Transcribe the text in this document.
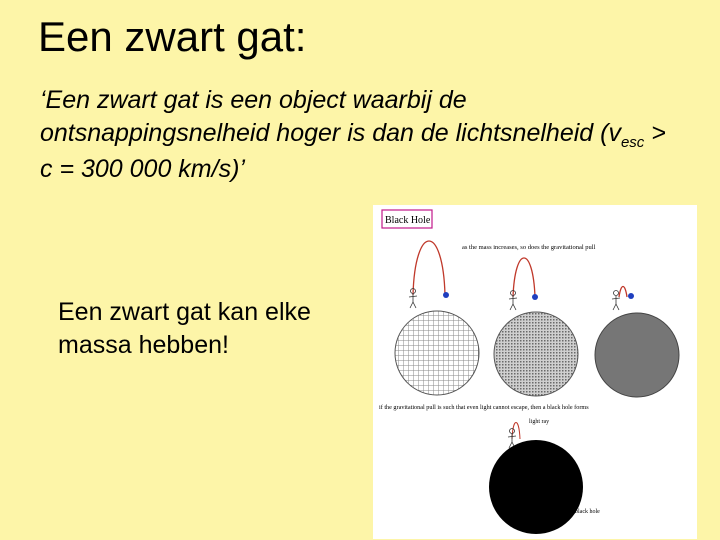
Een zwart gat:
‘Een zwart gat is een object waarbij de ontsnappingsnelheid hoger is dan de lichtsnelheid ($v_{esc} > c = 300$ 000 km/s)’
Een zwart gat kan elke massa hebben!
Black Hole
as the mass increases, so does the gravitational pull
if the gravitational pull is such that even light cannot escape, then a black hole forms
light ray
black hole
